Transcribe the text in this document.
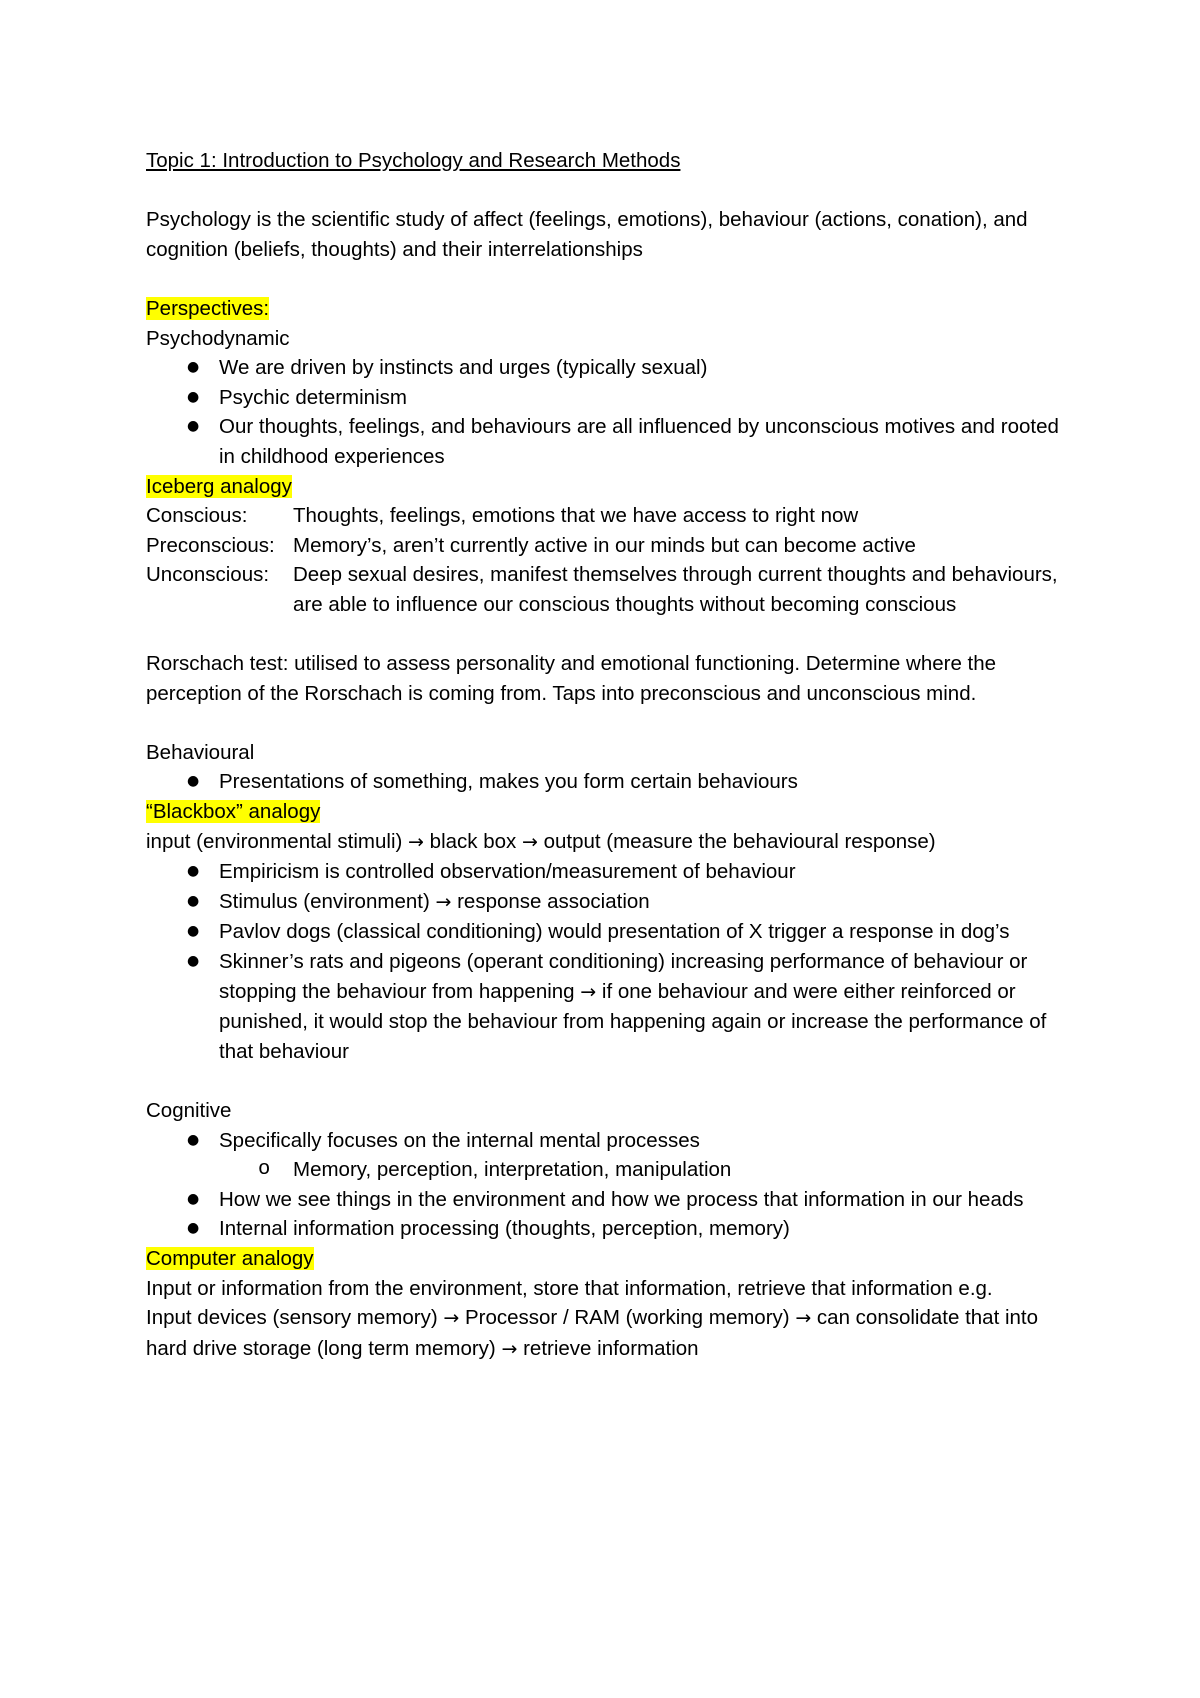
Topic 1: Introduction to Psychology and Research Methods

Psychology is the scientific study of affect (feelings, emotions), behaviour (actions, conation), and cognition (beliefs, thoughts) and their interrelationships

Perspectives:

Psychodynamic

● We are driven by instincts and urges (typically sexual)
● Psychic determinism
● Our thoughts, feelings, and behaviours are all influenced by unconscious motives and rooted in childhood experiences

Iceberg analogy

Conscious:	Thoughts, feelings, emotions that we have access to right now
Preconscious: Memory’s, aren’t currently active in our minds but can become active
Unconscious:	Deep sexual desires, manifest themselves through current thoughts and behaviours, are able to influence our conscious thoughts without becoming conscious

Rorschach test: utilised to assess personality and emotional functioning. Determine where the perception of the Rorschach is coming from. Taps into preconscious and unconscious mind.

Behavioural

● Presentations of something, makes you form certain behaviours

“Blackbox” analogy

input (environmental stimuli) → black box → output (measure the behavioural response)

● Empiricism is controlled observation/measurement of behaviour
● Stimulus (environment) → response association
● Pavlov dogs (classical conditioning) would presentation of X trigger a response in dog’s
● Skinner’s rats and pigeons (operant conditioning) increasing performance of behaviour or stopping the behaviour from happening → if one behaviour and were either reinforced or punished, it would stop the behaviour from happening again or increase the performance of that behaviour

Cognitive

● Specifically focuses on the internal mental processes
o Memory, perception, interpretation, manipulation
● How we see things in the environment and how we process that information in our heads
● Internal information processing (thoughts, perception, memory)

Computer analogy

Input or information from the environment, store that information, retrieve that information e.g.

Input devices (sensory memory) → Processor / RAM (working memory) → can consolidate that into hard drive storage (long term memory) → retrieve information
